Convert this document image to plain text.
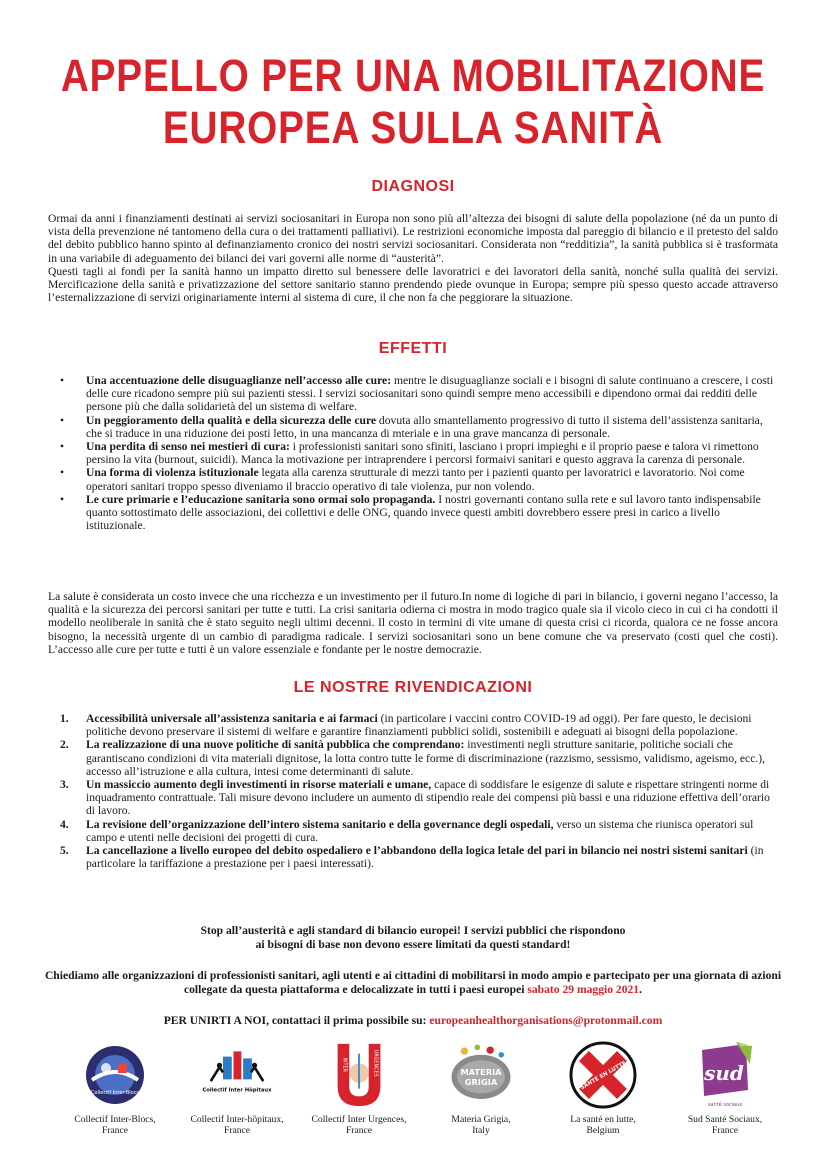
APPELLO PER UNA MOBILITAZIONE
EUROPEA SULLA SANITÀ
DIAGNOSI

Ormai da anni i finanziamenti destinati ai servizi sociosanitari in Europa non sono più all’altezza dei bisogni di salute della popolazione (né da un punto di vista della prevenzione né tantomeno della cura o dei trattamenti palliativi). Le restrizioni economiche imposta dal pareggio di bilancio e il pretesto del saldo del debito pubblico hanno spinto al definanziamento cronico dei nostri servizi sociosanitari. Considerata non “redditizia”, la sanità pubblica si è trasformata in una variabile di adeguamento dei bilanci dei vari governi alle norme di “austerità”.

Questi tagli ai fondi per la sanità hanno un impatto diretto sul benessere delle lavoratrici e dei lavoratori della sanità, nonché sulla qualità dei servizi. Mercificazione della sanità e privatizzazione del settore sanitario stanno prendendo piede ovunque in Europa; sempre più spesso questo accade attraverso l’esternalizzazione di servizi originariamente interni al sistema di cure, il che non fa che peggiorare la situazione.

EFFETTI
• Una accentuazione delle disuguaglianze nell’accesso alle cure: mentre le disuguaglianze sociali e i bisogni di salute continuano a crescere, i costi delle cure ricadono sempre più sui pazienti stessi. I servizi sociosanitari sono quindi sempre meno accessibili e dipendono ormai dai redditi delle persone più che dalla solidarietà del un sistema di welfare.
• Un peggioramento della qualità e della sicurezza delle cure dovuta allo smantellamento progressivo di tutto il sistema dell’assistenza sanitaria, che si traduce in una riduzione dei posti letto, in una mancanza di mteriale e in una grave mancanza di personale.
• Una perdita di senso nei mestieri di cura: i professionisti sanitari sono sfiniti, lasciano i propri impieghi e il proprio paese e talora vi rimettono persino la vita (burnout, suicidi). Manca la motivazione per intraprendere i percorsi formaivi sanitari e questo aggrava la carenza di personale.
• Una forma di violenza istituzionale legata alla carenza strutturale di mezzi tanto per i pazienti quanto per lavoratrici e lavoratorio. Noi come operatori sanitari troppo spesso diveniamo il braccio operativo di tale violenza, pur non volendo.
• Le cure primarie e l’educazione sanitaria sono ormai solo propaganda. I nostri governanti contano sulla rete e sul lavoro tanto indispensabile quanto sottostimato delle associazioni, dei collettivi e delle ONG, quando invece questi ambiti dovrebbero essere presi in carico a livello istituzionale.

La salute è considerata un costo invece che una ricchezza e un investimento per il futuro.In nome di logiche di pari in bilancio, i governi negano l’accesso, la qualità e la sicurezza dei percorsi sanitari per tutte e tutti. La crisi sanitaria odierna ci mostra in modo tragico quale sia il vicolo cieco in cui ci ha condotti il modello neoliberale in sanità che è stato seguito negli ultimi decenni. Il costo in termini di vite umane di questa crisi ci ricorda, qualora ce ne fosse ancora bisogno, la necessità urgente di un cambio di paradigma radicale. I servizi sociosanitari sono un bene comune che va preservato (costi quel che costi). L’accesso alle cure per tutte e tutti è un valore essenziale e fondante per le nostre democrazie.

LE NOSTRE RIVENDICAZIONI
1. Accessibilità universale all’assistenza sanitaria e ai farmaci (in particolare i vaccini contro COVID-19 ad oggi). Per fare questo, le decisioni politiche devono preservare il sistemi di welfare e garantire finanziamenti pubblici solidi, sostenibili e adeguati ai bisogni della popolazione.
2. La realizzazione di una nuove politiche di sanità pubblica che comprendano: investimenti negli strutture sanitarie, politiche sociali che garantiscano condizioni di vita materiali dignitose, la lotta contro tutte le forme di discriminazione (razzismo, sessismo, validismo, ageismo, ecc.), accesso all’istruzione e alla cultura, intesi come determinanti di salute.
3. Un massiccio aumento degli investimenti in risorse materiali e umane, capace di soddisfare le esigenze di salute e rispettare stringenti norme di inquadramento contrattuale. Tali misure devono includere un aumento di stipendio reale dei compensi più bassi e una riduzione effettiva dell’orario di lavoro.
4. La revisione dell’organizzazione dell’intero sistema sanitario e della governance degli ospedali, verso un sistema che riunisca operatori sul campo e utenti nelle decisioni dei progetti di cura.
5. La cancellazione a livello europeo del debito ospedaliero e l’abbandono della logica letale del pari in bilancio nei nostri sistemi sanitari (in particolare la tariffazione a prestazione per i paesi interessati).
Stop all’austerità e agli standard di bilancio europei! I servizi pubblici che rispondono
ai bisogni di base non devono essere limitati da questi standard!
Chiediamo alle organizzazioni di professionisti sanitari, agli utenti e ai cittadini di mobilitarsi in modo ampio e partecipato per una giornata di azioni collegate da questa piattaforma e delocalizzate in tutti i paesi europei sabato 29 maggio 2021.
PER UNIRTI A NOI, contattaci il prima possibile su: europeanhealthorganisations@protonmail.com
Collectif Inter-Blocs
Collectif Inter-Blocs,
France
Collectif Inter Hôpitaux
Collectif Inter-hôpitaux,
France
INTER	URGENCES
Collectif Inter Urgences,
France
MATERIA
GRIGIA
Materia Grigia,
Italy
SANTÉ EN LUTTE
La santé en lutte,
Belgium
sud
santé sociaux
Solidaires
Sud Santé Sociaux,
France
